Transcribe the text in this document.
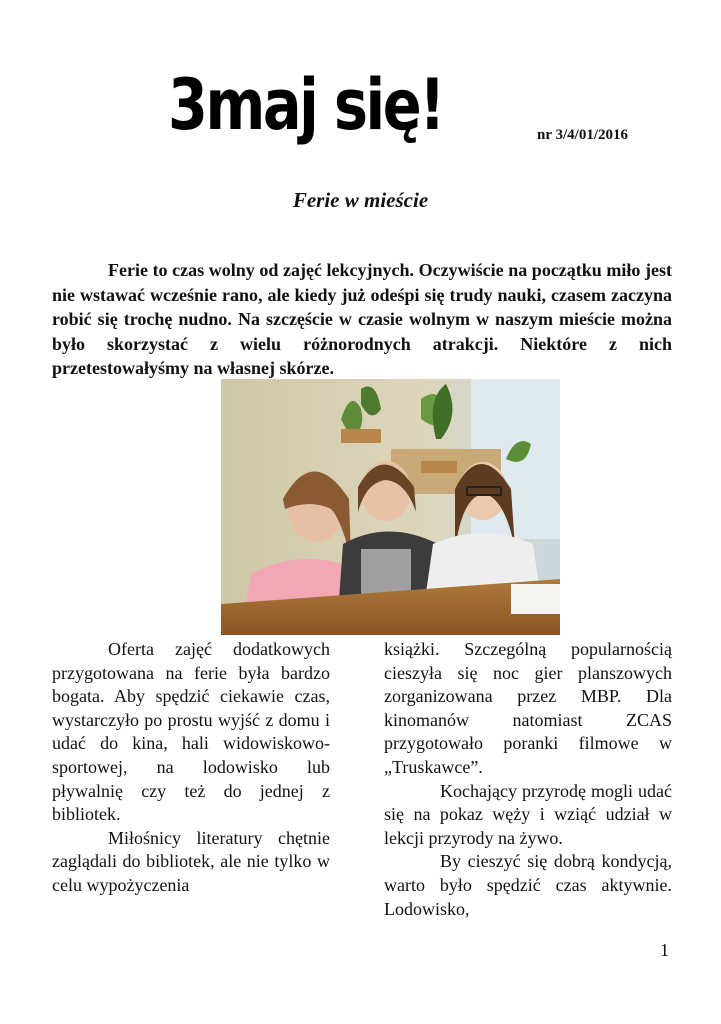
3maj się!	nr 3/4/01/2016
Ferie w mieście

Ferie to czas wolny od zajęć lekcyjnych. Oczywiście na początku miło jest nie wstawać wcześnie rano, ale kiedy już odeśpi się trudy nauki, czasem zaczyna robić się trochę nudno. Na szczęście w czasie wolnym w naszym mieście można było skorzystać z wielu różnorodnych atrakcji. Niektóre z nich przetestowałyśmy na własnej skórze.

Oferta zajęć dodatkowych przygotowana na ferie była bardzo bogata. Aby spędzić ciekawie czas, wystarczyło po prostu wyjść z domu i udać do kina, hali widowiskowo-sportowej, na lodowisko lub pływalnię czy też do jednej z bibliotek.

Miłośnicy literatury chętnie zaglądali do bibliotek, ale nie tylko w celu wypożyczenia

książki. Szczególną popularnością cieszyła się noc gier planszowych zorganizowana przez MBP. Dla kinomanów natomiast ZCAS przygotowało poranki filmowe w „Truskawce”.

Kochający przyrodę mogli udać się na pokaz węży i wziąć udział w lekcji przyrody na żywo.

By cieszyć się dobrą kondycją, warto było spędzić czas aktywnie. Lodowisko,

1
